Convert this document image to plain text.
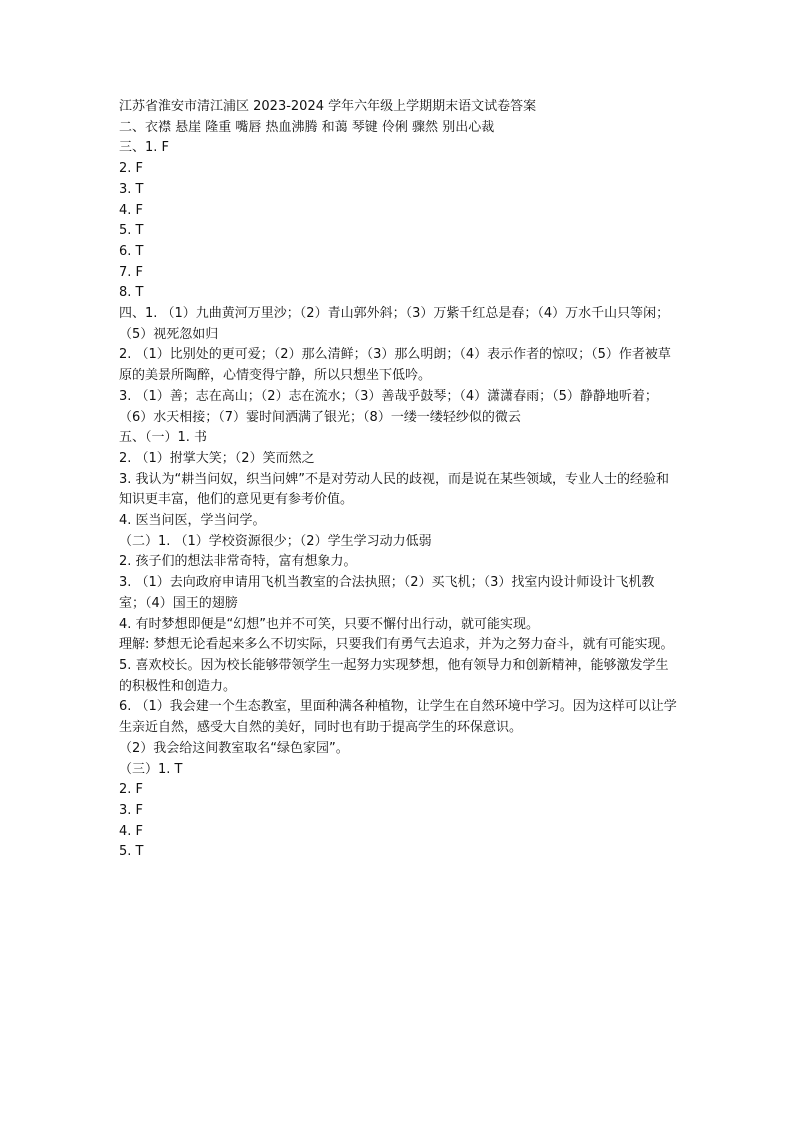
江苏省淮安市清江浦区 2023-2024 学年六年级上学期期末语文试卷答案
二、衣襟 悬崖 隆重 嘴唇 热血沸腾 和蔼 琴键 伶俐 骤然 别出心裁
三、1. F
2. F
3. T
4. F
5. T
6. T
7. F
8. T
四、1. （1）九曲黄河万里沙；（2）青山郭外斜；（3）万紫千红总是春；（4）万水千山只等闲；（5）视死忽如归
2. （1）比别处的更可爱；（2）那么清鲜；（3）那么明朗；（4）表示作者的惊叹；（5）作者被草原的美景所陶醉，心情变得宁静，所以只想坐下低吟。
3. （1）善；志在高山；（2）志在流水；（3）善哉乎鼓琴；（4）潇潇春雨；（5）静静地听着；（6）水天相接；（7）霎时间洒满了银光；（8）一缕一缕轻纱似的微云
五、（一）1. 书
2. （1）拊掌大笑；（2）笑而然之
3. 我认为“耕当问奴，织当问婢”不是对劳动人民的歧视，而是说在某些领域，专业人士的经验和知识更丰富，他们的意见更有参考价值。
4. 医当问医，学当问学。
（二）1. （1）学校资源很少；（2）学生学习动力低弱
2. 孩子们的想法非常奇特，富有想象力。
3. （1）去向政府申请用飞机当教室的合法执照；（2）买飞机；（3）找室内设计师设计飞机教室；（4）国王的翅膀
4. 有时梦想即便是“幻想”也并不可笑，只要不懈付出行动，就可能实现。
理解: 梦想无论看起来多么不切实际，只要我们有勇气去追求，并为之努力奋斗，就有可能实现。
5. 喜欢校长。因为校长能够带领学生一起努力实现梦想，他有领导力和创新精神，能够激发学生的积极性和创造力。
6. （1）我会建一个生态教室，里面种满各种植物，让学生在自然环境中学习。因为这样可以让学生亲近自然，感受大自然的美好，同时也有助于提高学生的环保意识。
（2）我会给这间教室取名“绿色家园”。
（三）1. T
2. F
3. F
4. F
5. T
